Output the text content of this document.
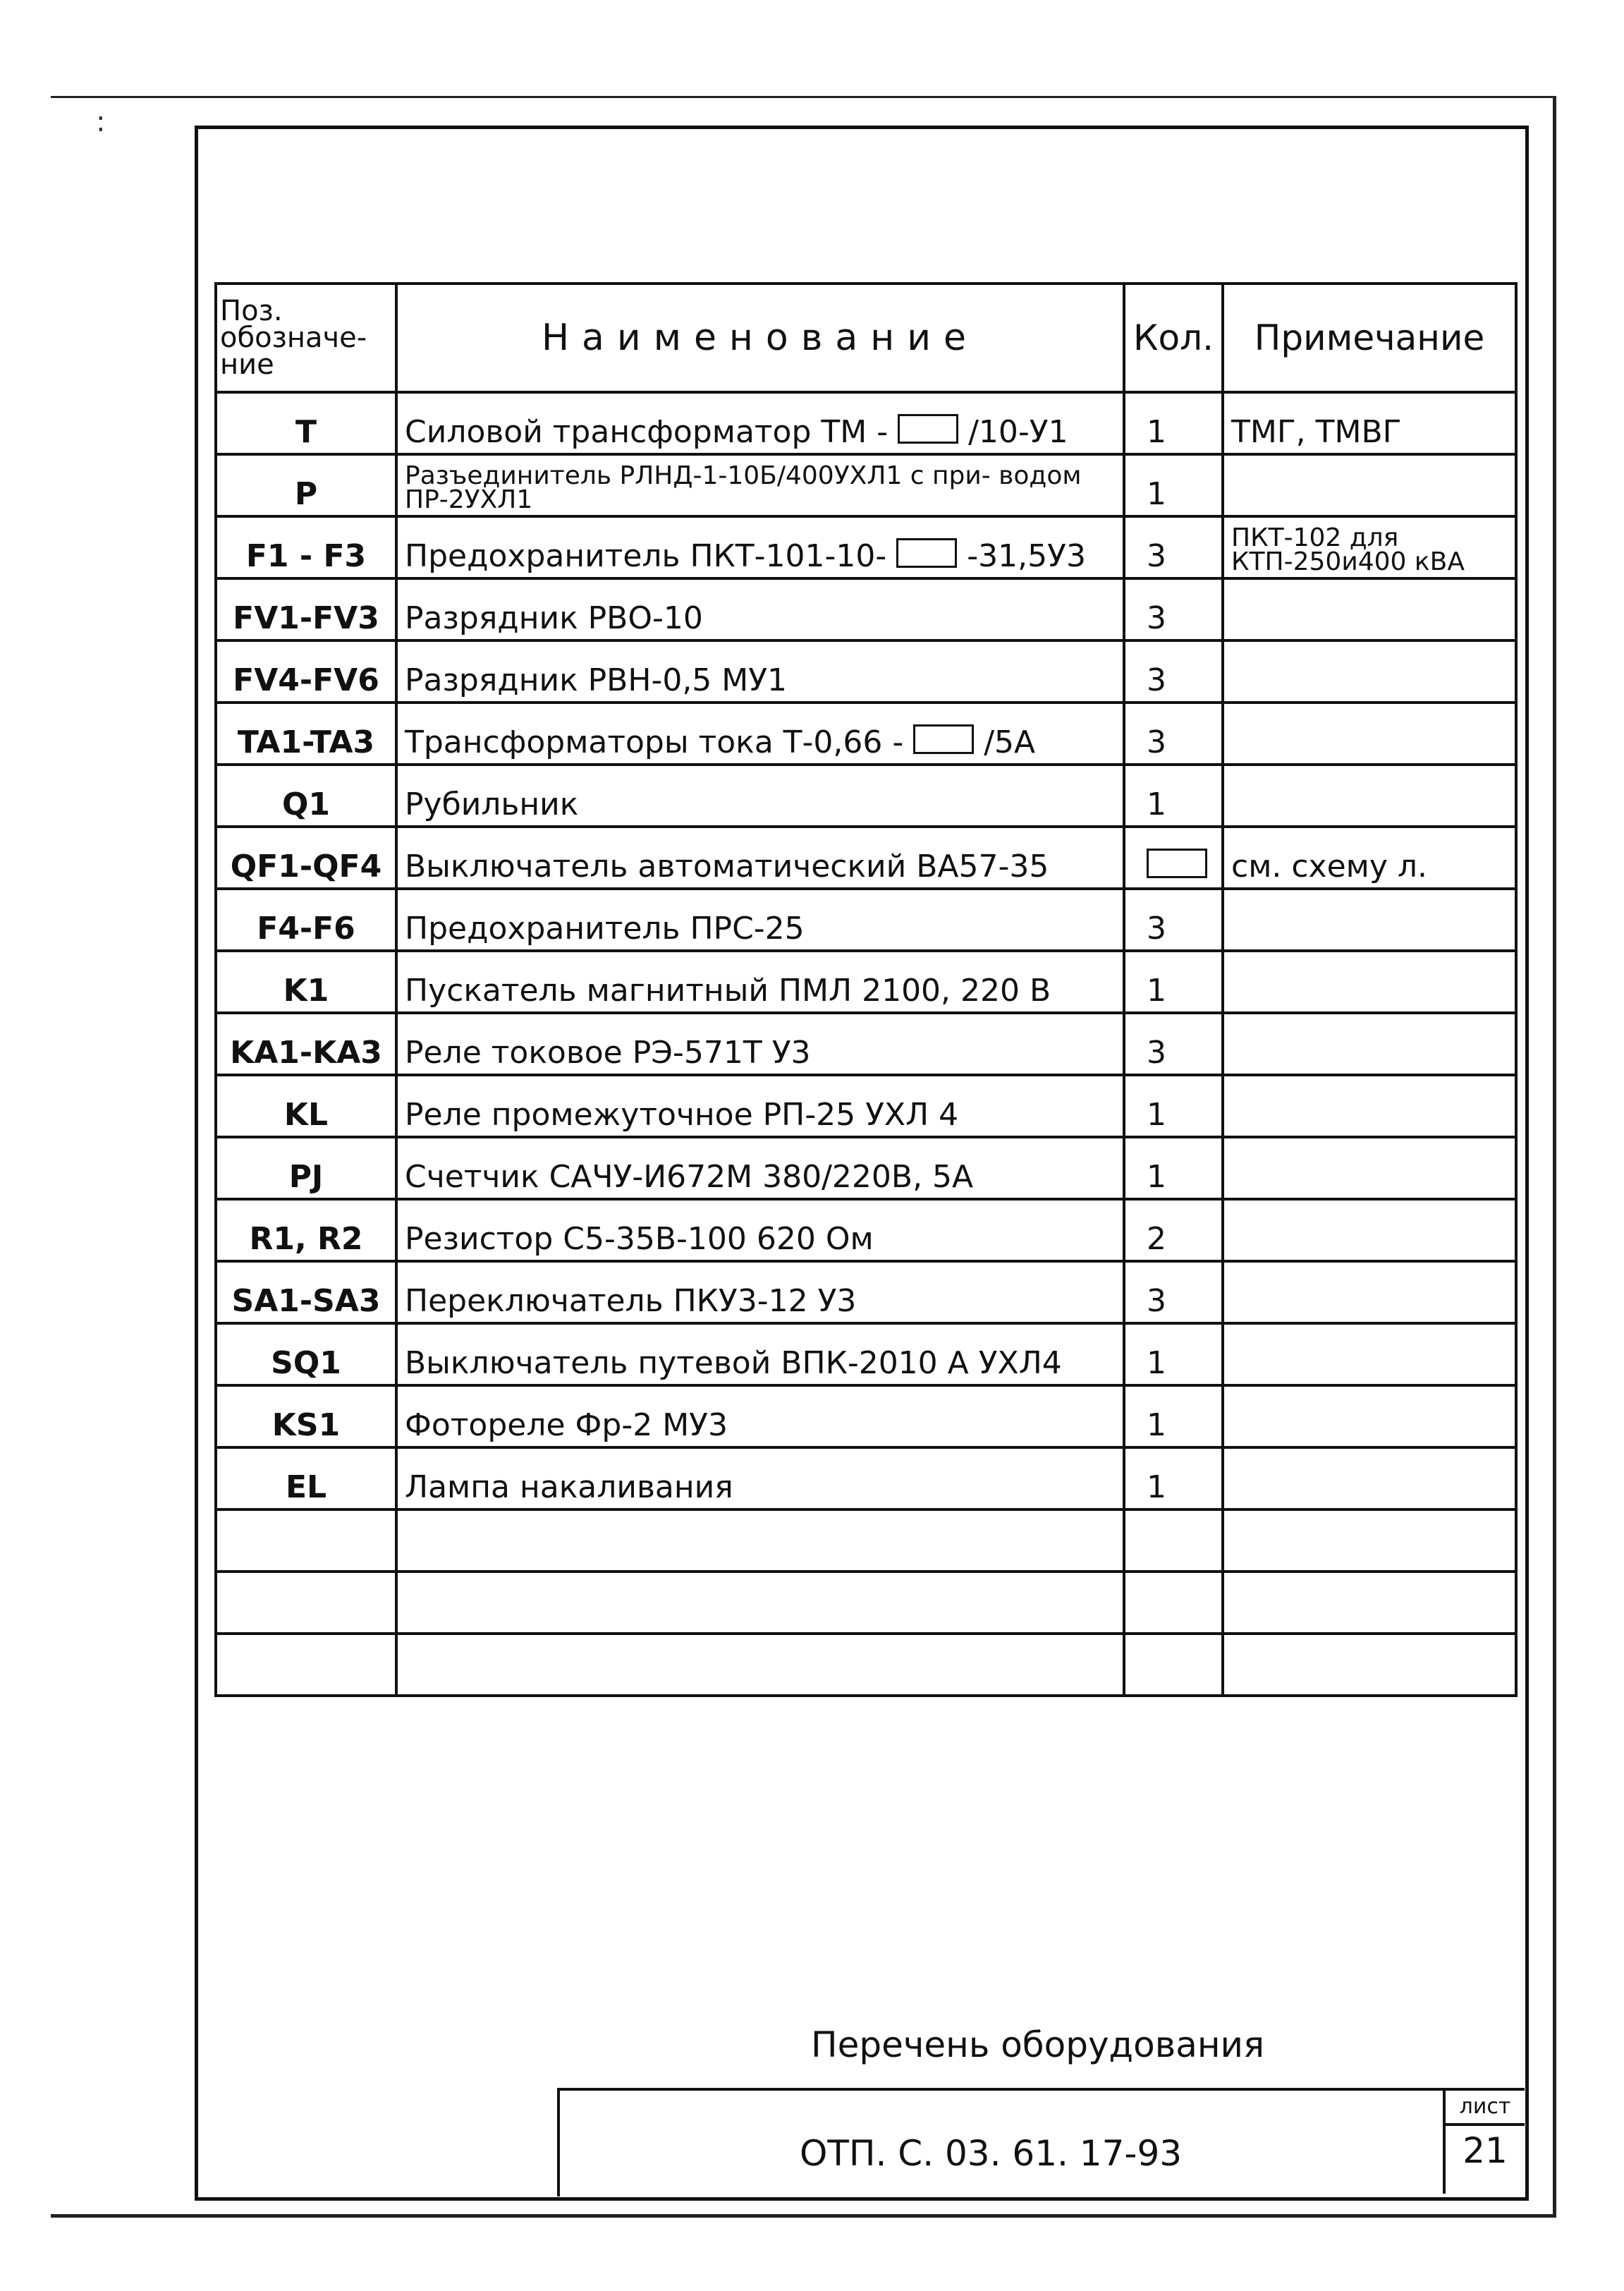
:
Поз. обозначе- ние	Наименование	Кол.	Примечание
T	Силовой трансформатор ТМ - /10-У1	1	ТМГ, ТМВГ
P	Разъединитель РЛНД-1-10Б/400УХЛ1 с при- водом ПР-2УХЛ1	1	
F1 - F3	Предохранитель ПКТ-101-10- -31,5У3	3	ПКТ-102 для КТП-250и400 кВА
FV1-FV3	Разрядник РВО-10	3	
FV4-FV6	Разрядник РВН-0,5 МУ1	3	
TA1-TA3	Трансформаторы тока Т-0,66 - /5А	3	
Q1	Рубильник	1	
QF1-QF4	Выключатель автоматический ВА57-35		см. схему л.
F4-F6	Предохранитель ПРС-25	3	
K1	Пускатель магнитный ПМЛ 2100, 220 В	1	
KA1-KA3	Реле токовое РЭ-571Т У3	3	
KL	Реле промежуточное РП-25 УХЛ 4	1	
PJ	Счетчик САЧУ-И672М 380/220В, 5А	1	
R1, R2	Резистор С5-35В-100 620 Ом	2	
SA1-SA3	Переключатель ПКУ3-12 У3	3	
SQ1	Выключатель путевой ВПК-2010 А УХЛ4	1	
KS1	Фотореле Фр-2 МУ3	1	
EL	Лампа накаливания	1	

Перечень оборудования
ОТП. С. 03. 61. 17-93
лист
21
